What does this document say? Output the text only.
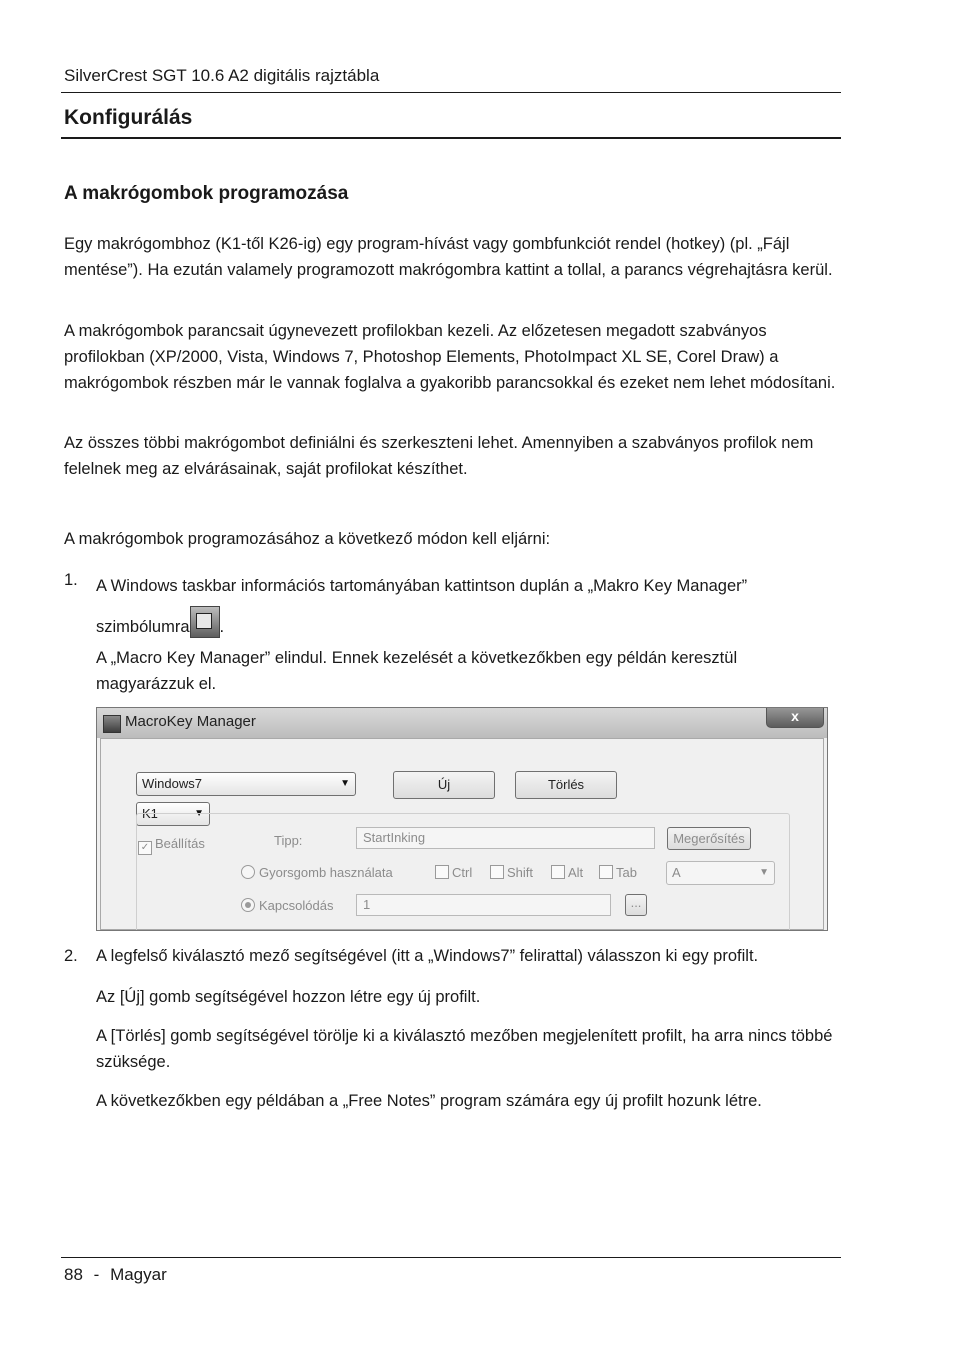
SilverCrest SGT 10.6 A2 digitális rajztábla
Konfigurálás
A makrógombok programozása
Egy makrógombhoz (K1-től K26-ig) egy program-hívást vagy gombfunkciót rendel (hotkey) (pl. „Fájl mentése”). Ha ezután valamely programozott makrógombra kattint a tollal, a parancs végrehajtásra kerül.
A makrógombok parancsait úgynevezett profilokban kezeli. Az előzetesen megadott szabványos profilokban (XP/2000, Vista, Windows 7, Photoshop Elements, PhotoImpact XL SE, Corel Draw) a makrógombok részben már le vannak foglalva a gyakoribb parancsokkal és ezeket nem lehet módosítani.
Az összes többi makrógombot definiálni és szerkeszteni lehet. Amennyiben a szabványos profilok nem felelnek meg az elvárásainak, saját profilokat készíthet.
A makrógombok programozásához a következő módon kell eljárni:
1. A Windows taskbar információs tartományában kattintson duplán a „Makro Key Manager” szimbólumra .
A „Macro Key Manager” elindul. Ennek kezelését a következőkben egy példán keresztül magyarázzuk el.
MacroKey Manager	x
Windows7	▼	Új	Törlés
K1	▼
✓ Beállítás	Tipp:	StartInking	Megerősítés
Gyorsgomb használata	Ctrl	Shift	Alt	Tab	A	▼
Kapcsolódás	1	...
2. A legfelső kiválasztó mező segítségével (itt a „Windows7” felirattal) válasszon ki egy profilt.
Az [Új] gomb segítségével hozzon létre egy új profilt.
A [Törlés] gomb segítségével törölje ki a kiválasztó mezőben megjelenített profilt, ha arra nincs többé szüksége.
A következőkben egy példában a „Free Notes” program számára egy új profilt hozunk létre.
88 - Magyar
